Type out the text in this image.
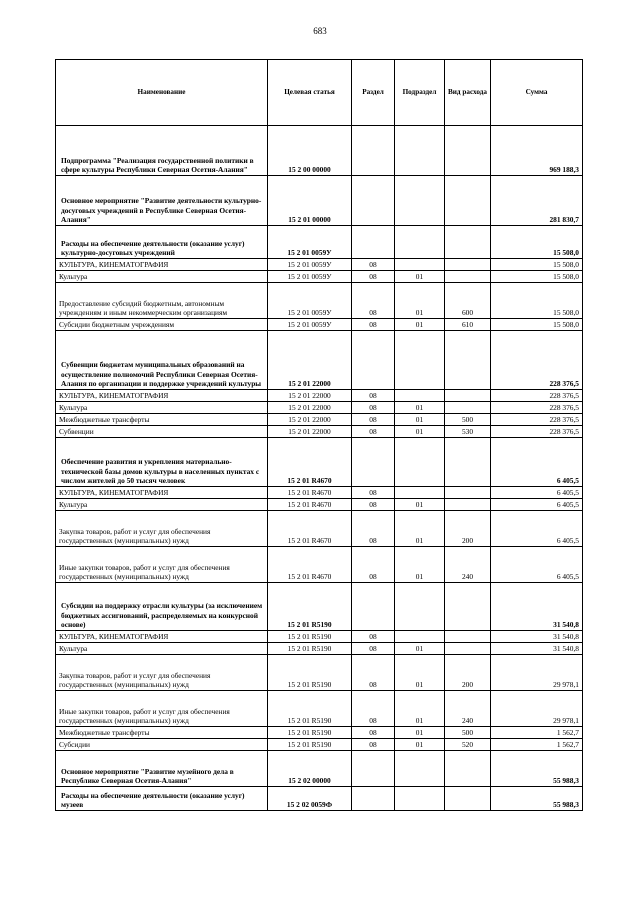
683
Наименование	Целевая статья	Раздел	Подраздел	Вид расхода	Сумма
Подпрограмма "Реализация государственной политики в сфере культуры Республики Северная Осетия-Алания"	15 2 00 00000				969 188,3
Основное мероприятие "Развитие деятельности культурно-досуговых учреждений в Республике Северная Осетия-Алания"	15 2 01 00000				281 830,7
Расходы на обеспечение деятельности (оказание услуг) культурно-досуговых учреждений	15 2 01 0059У				15 508,0
КУЛЬТУРА, КИНЕМАТОГРАФИЯ	15 2 01 0059У	08			15 508,0
Культура	15 2 01 0059У	08	01		15 508,0
Предоставление субсидий бюджетным, автономным учреждениям и иным некоммерческим организациям	15 2 01 0059У	08	01	600	15 508,0
Субсидии бюджетным учреждениям	15 2 01 0059У	08	01	610	15 508,0
Субвенции бюджетам муниципальных образований на осуществление полномочий Республики Северная Осетия-Алания по организации и поддержке учреждений культуры	15 2 01 22000				228 376,5
КУЛЬТУРА, КИНЕМАТОГРАФИЯ	15 2 01 22000	08			228 376,5
Культура	15 2 01 22000	08	01		228 376,5
Межбюджетные трансферты	15 2 01 22000	08	01	500	228 376,5
Субвенции	15 2 01 22000	08	01	530	228 376,5
Обеспечение развития и укрепления материально-технической базы домов культуры в населенных пунктах с числом жителей до 50 тысяч человек	15 2 01 R4670				6 405,5
КУЛЬТУРА, КИНЕМАТОГРАФИЯ	15 2 01 R4670	08			6 405,5
Культура	15 2 01 R4670	08	01		6 405,5
Закупка товаров, работ и услуг для обеспечения государственных (муниципальных) нужд	15 2 01 R4670	08	01	200	6 405,5
Иные закупки товаров, работ и услуг для обеспечения государственных (муниципальных) нужд	15 2 01 R4670	08	01	240	6 405,5
Субсидии на поддержку отрасли культуры (за исключением бюджетных ассигнований, распределяемых на конкурсной основе)	15 2 01 R5190				31 540,8
КУЛЬТУРА, КИНЕМАТОГРАФИЯ	15 2 01 R5190	08			31 540,8
Культура	15 2 01 R5190	08	01		31 540,8
Закупка товаров, работ и услуг для обеспечения государственных (муниципальных) нужд	15 2 01 R5190	08	01	200	29 978,1
Иные закупки товаров, работ и услуг для обеспечения государственных (муниципальных) нужд	15 2 01 R5190	08	01	240	29 978,1
Межбюджетные трансферты	15 2 01 R5190	08	01	500	1 562,7
Субсидии	15 2 01 R5190	08	01	520	1 562,7
Основное мероприятие "Развитие музейного дела в Республике Северная Осетия-Алания"	15 2 02 00000				55 988,3
Расходы на обеспечение деятельности (оказание услуг) музеев	15 2 02 0059Ф				55 988,3
